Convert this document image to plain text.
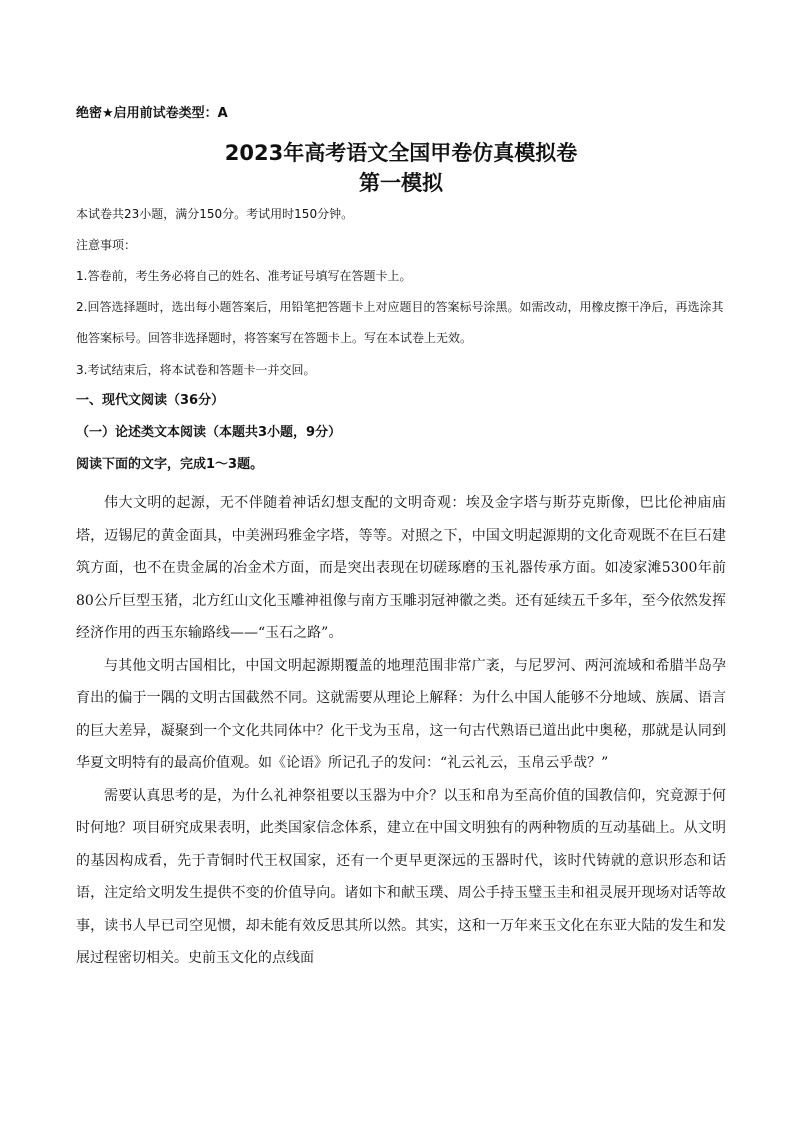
绝密★启用前试卷类型：A
2023年高考语文全国甲卷仿真模拟卷
第一模拟
本试卷共23小题，满分150分。考试用时150分钟。
注意事项：
1.答卷前，考生务必将自己的姓名、准考证号填写在答题卡上。
2.回答选择题时，选出每小题答案后，用铅笔把答题卡上对应题目的答案标号涂黑。如需改动，用橡皮擦干净后，再选涂其他答案标号。回答非选择题时，将答案写在答题卡上。写在本试卷上无效。
3.考试结束后，将本试卷和答题卡一并交回。
一、现代文阅读（36分）
（一）论述类文本阅读（本题共3小题，9分）
阅读下面的文字，完成1～3题。

伟大文明的起源，无不伴随着神话幻想支配的文明奇观：埃及金字塔与斯芬克斯像，巴比伦神庙庙塔，迈锡尼的黄金面具，中美洲玛雅金字塔，等等。对照之下，中国文明起源期的文化奇观既不在巨石建筑方面，也不在贵金属的冶金术方面，而是突出表现在切磋琢磨的玉礼器传承方面。如凌家滩5300年前80公斤巨型玉猪，北方红山文化玉雕神祖像与南方玉雕羽冠神徽之类。还有延续五千多年，至今依然发挥经济作用的西玉东输路线——“玉石之路”。

与其他文明古国相比，中国文明起源期覆盖的地理范围非常广袤，与尼罗河、两河流域和希腊半岛孕育出的偏于一隅的文明古国截然不同。这就需要从理论上解释：为什么中国人能够不分地域、族属、语言的巨大差异，凝聚到一个文化共同体中？化干戈为玉帛，这一句古代熟语已道出此中奥秘，那就是认同到华夏文明特有的最高价值观。如《论语》所记孔子的发问：“礼云礼云，玉帛云乎哉？”

需要认真思考的是，为什么礼神祭祖要以玉器为中介？以玉和帛为至高价值的国教信仰，究竟源于何时何地？项目研究成果表明，此类国家信念体系，建立在中国文明独有的两种物质的互动基础上。从文明的基因构成看，先于青铜时代王权国家，还有一个更早更深远的玉器时代，该时代铸就的意识形态和话语，注定给文明发生提供不变的价值导向。诸如卞和献玉璞、周公手持玉璧玉圭和祖灵展开现场对话等故事，读书人早已司空见惯，却未能有效反思其所以然。其实，这和一万年来玉文化在东亚大陆的发生和发展过程密切相关。史前玉文化的点线面
